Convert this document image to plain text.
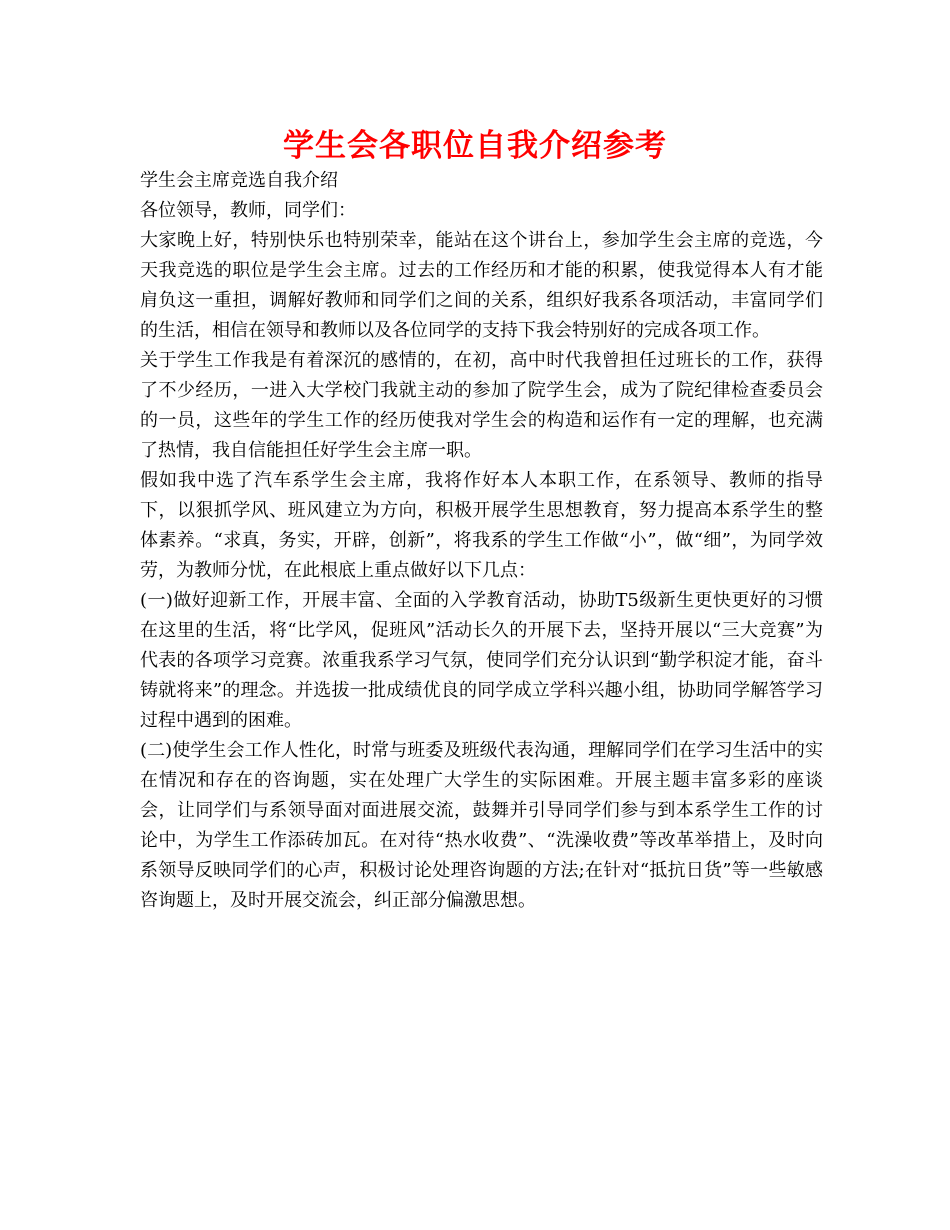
学生会各职位自我介绍参考

学生会主席竞选自我介绍

各位领导，教师，同学们：

大家晚上好，特别快乐也特别荣幸，能站在这个讲台上，参加学生会主席的竞选，今天我竞选的职位是学生会主席。过去的工作经历和才能的积累，使我觉得本人有才能肩负这一重担，调解好教师和同学们之间的关系，组织好我系各项活动，丰富同学们的生活，相信在领导和教师以及各位同学的支持下我会特别好的完成各项工作。

关于学生工作我是有着深沉的感情的，在初，高中时代我曾担任过班长的工作，获得了不少经历，一进入大学校门我就主动的参加了院学生会，成为了院纪律检查委员会的一员，这些年的学生工作的经历使我对学生会的构造和运作有一定的理解，也充满了热情，我自信能担任好学生会主席一职。

假如我中选了汽车系学生会主席，我将作好本人本职工作，在系领导、教师的指导下，以狠抓学风、班风建立为方向，积极开展学生思想教育，努力提高本系学生的整体素养。“求真，务实，开辟，创新”，将我系的学生工作做“小”，做“细”，为同学效劳，为教师分忧，在此根底上重点做好以下几点：

(一)做好迎新工作，开展丰富、全面的入学教育活动，协助T5级新生更快更好的习惯在这里的生活，将“比学风，促班风”活动长久的开展下去，坚持开展以“三大竞赛”为代表的各项学习竞赛。浓重我系学习气氛，使同学们充分认识到“勤学积淀才能，奋斗铸就将来”的理念。并选拔一批成绩优良的同学成立学科兴趣小组，协助同学解答学习过程中遇到的困难。

(二)使学生会工作人性化，时常与班委及班级代表沟通，理解同学们在学习生活中的实在情况和存在的咨询题，实在处理广大学生的实际困难。开展主题丰富多彩的座谈会，让同学们与系领导面对面进展交流，鼓舞并引导同学们参与到本系学生工作的讨论中，为学生工作添砖加瓦。在对待“热水收费”、“洗澡收费”等改革举措上，及时向系领导反映同学们的心声，积极讨论处理咨询题的方法;在针对“抵抗日货”等一些敏感咨询题上，及时开展交流会，纠正部分偏激思想。
